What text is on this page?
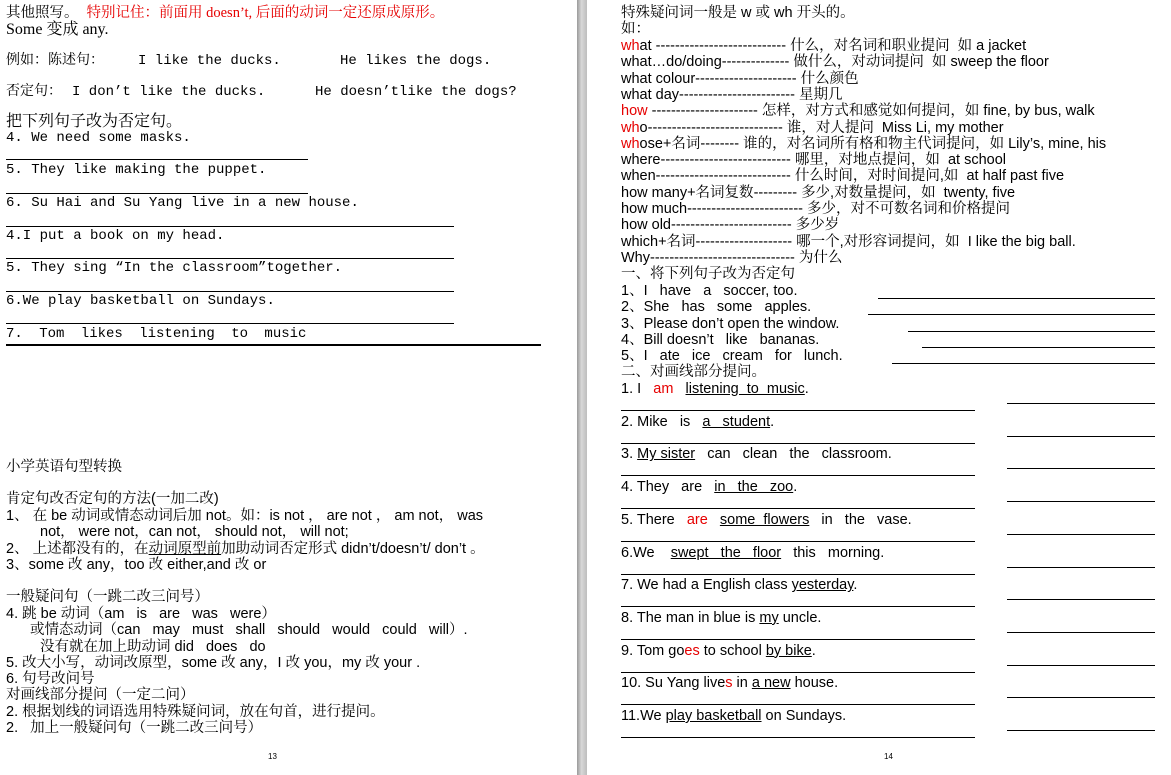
其他照写。 特别记住：前面用 doesn’t, 后面的动词一定还原成原形。
Some 变成 any.
例如：陈述句： I like the ducks.	He likes the dogs.
否定句： I don’t like the ducks.	He doesn’tlike the dogs?
把下列句子改为否定句。
4. We need some masks.
5. They like making the puppet.
6. Su Hai and Su Yang live in a new house.
4.I put a book on my head.
5. They sing “In the classroom”together.
6.We play basketball on Sundays.
7. Tom likes listening to music
小学英语句型转换
肯定句改否定句的方法(一加二改)
1、 在 be 动词或情态动词后加 not。如：is not ， are not ， am not， was
not， were not，can not， should not， will not;
2、 上述都没有的，在动词原型前加助动词否定形式 didn’t/doesn’t/ don’t 。
3、some 改 any，too 改 either,and 改 or
一般疑问句（一跳二改三问号）
4. 跳 be 动词（am   is   are   was   were）
或情态动词（can   may   must   shall   should   would   could   will）.
没有就在加上助动词 did   does   do
5. 改大小写，动词改原型，some 改 any，I 改 you，my 改 your .
6. 句号改问号
对画线部分提问（一定二问）
2. 根据划线的词语选用特殊疑问词，放在句首，进行提问。
2.   加上一般疑问句（一跳二改三问号）
13
特殊疑问词一般是 w 或 wh 开头的。
如：
一、将下列句子改为否定句
二、对画线部分提问。
14
what --------------------------- 什么，对名词和职业提问  如 a jacket
what…do/doing-------------- 做什么，对动词提问  如 sweep the floor
what colour--------------------- 什么颜色
what day------------------------ 星期几
how ---------------------- 怎样，对方式和感觉如何提问，如 fine, by bus, walk
who---------------------------- 谁，对人提问  Miss Li, my mother
whose+名词-------- 谁的，对名词所有格和物主代词提问，如 Lily’s, mine, his
where--------------------------- 哪里，对地点提问，如  at school
when---------------------------- 什么时间，对时间提问,如  at half past five
how many+名词复数--------- 多少,对数量提问，如  twenty, five
how much------------------------ 多少，对不可数名词和价格提问
how old------------------------- 多少岁
which+名词-------------------- 哪一个,对形容词提问，如  I like the big ball.
Why------------------------------ 为什么
1、I   have   a   soccer, too.
2、She   has   some   apples.
3、Please don’t open the window.
4、Bill doesn’t   like   bananas.
5、I   ate   ice   cream   for   lunch.
1. I   am listening  to  music.
2. Mike   is   a   student.
3. My sister   can   clean   the   classroom.
4. They   are   in   the   zoo.
5. There   are some  flowers   in   the   vase.
6.We    swept   the   floor   this   morning.
7. We had a English class yesterday.
8. The man in blue is my uncle.
9. Tom goes to school by bike.
10. Su Yang lives in a new house.
11.We play basketball on Sundays.
